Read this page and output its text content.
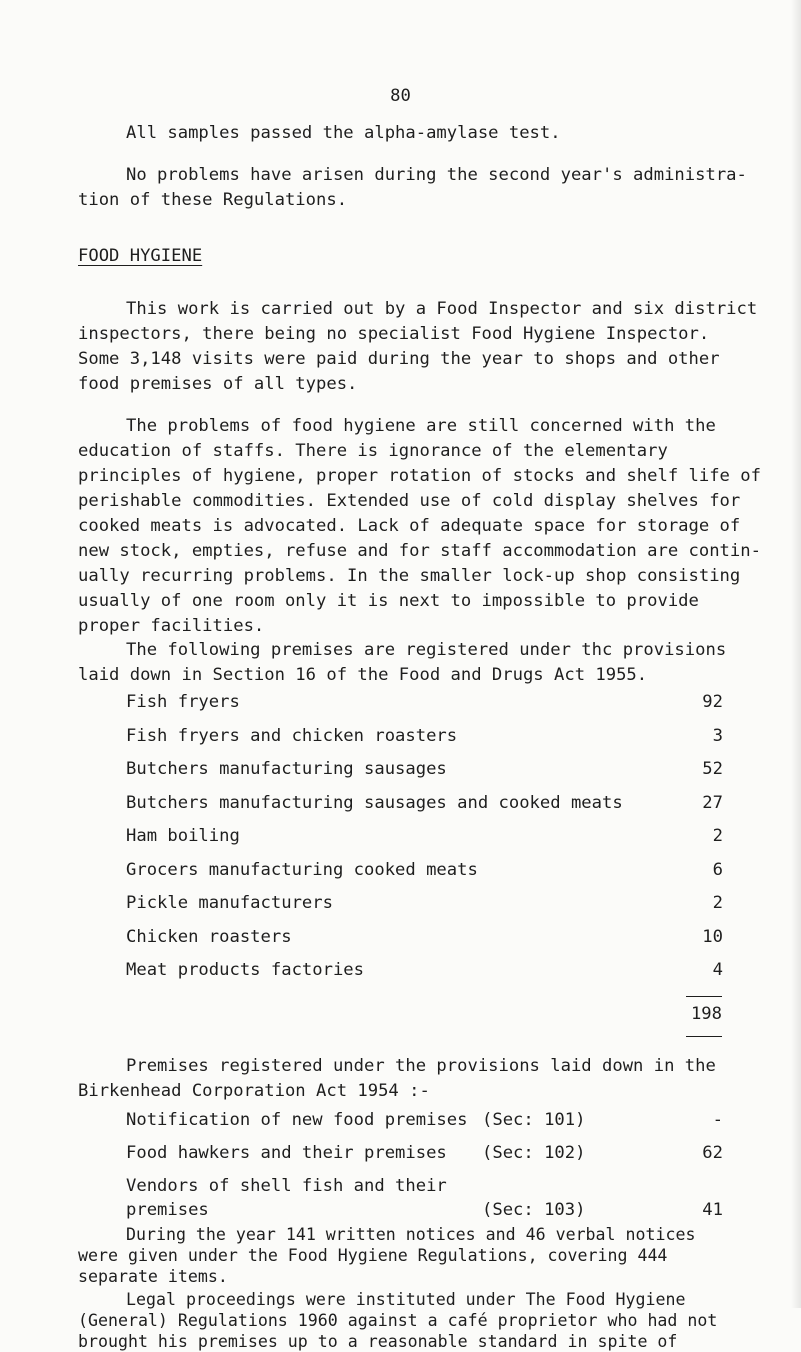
80
All samples passed the alpha-amylase test.
No problems have arisen during the second year's administra-
tion of these Regulations.
FOOD HYGIENE
This work is carried out by a Food Inspector and six district
inspectors, there being no specialist Food Hygiene Inspector.
Some 3,148 visits were paid during the year to shops and other
food premises of all types.
The problems of food hygiene are still concerned with the
education of staffs. There is ignorance of the elementary
principles of hygiene, proper rotation of stocks and shelf life of
perishable commodities. Extended use of cold display shelves for
cooked meats is advocated. Lack of adequate space for storage of
new stock, empties, refuse and for staff accommodation are contin-
ually recurring problems. In the smaller lock-up shop consisting
usually of one room only it is next to impossible to provide
proper facilities.
The following premises are registered under thc provisions
laid down in Section 16 of the Food and Drugs Act 1955.
Fish fryers	92
Fish fryers and chicken roasters	3
Butchers manufacturing sausages	52
Butchers manufacturing sausages and cooked meats	27
Ham boiling	2
Grocers manufacturing cooked meats	6
Pickle manufacturers	2
Chicken roasters	10
Meat products factories	4
198
Premises registered under the provisions laid down in the
Birkenhead Corporation Act 1954 :-
Notification of new food premises (Sec: 101)	-
Food hawkers and their premises (Sec: 102)	62
Vendors of shell fish and their
premises	(Sec: 103)	41
During the year 141 written notices and 46 verbal notices
were given under the Food Hygiene Regulations, covering 444
separate items.
Legal proceedings were instituted under The Food Hygiene
(General) Regulations 1960 against a café proprietor who had not
brought his premises up to a reasonable standard in spite of
